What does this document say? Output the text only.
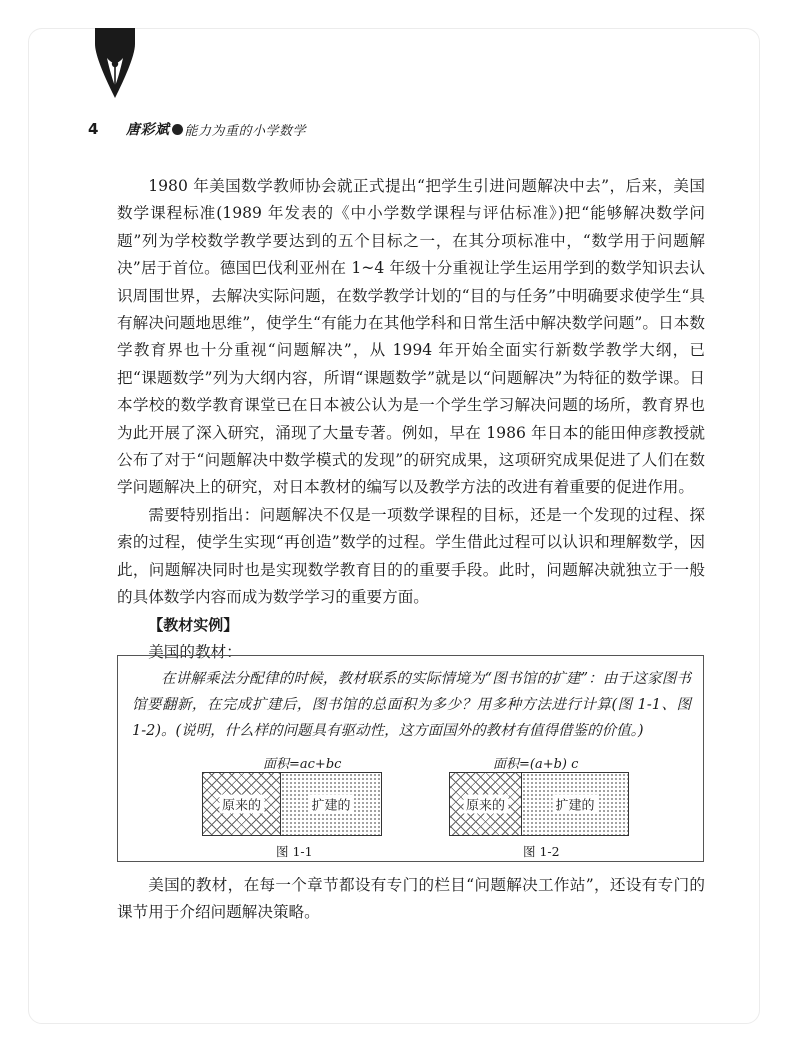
4	唐彩斌 能力为重的小学数学

1980 年美国数学教师协会就正式提出“把学生引进问题解决中去”，后来，美国数学课程标准(1989 年发表的《中小学数学课程与评估标准》)把“能够解决数学问题”列为学校数学教学要达到的五个目标之一，在其分项标准中，“数学用于问题解决”居于首位。德国巴伐利亚州在 1~4 年级十分重视让学生运用学到的数学知识去认识周围世界，去解决实际问题，在数学教学计划的“目的与任务”中明确要求使学生“具有解决问题地思维”，使学生“有能力在其他学科和日常生活中解决数学问题”。日本数学教育界也十分重视“问题解决”，从 1994 年开始全面实行新数学教学大纲，已把“课题数学”列为大纲内容，所谓“课题数学”就是以“问题解决”为特征的数学课。日本学校的数学教育课堂已在日本被公认为是一个学生学习解决问题的场所，教育界也为此开展了深入研究，涌现了大量专著。例如，早在 1986 年日本的能田伸彦教授就公布了对于“问题解决中数学模式的发现”的研究成果，这项研究成果促进了人们在数学问题解决上的研究，对日本教材的编写以及教学方法的改进有着重要的促进作用。

需要特别指出：问题解决不仅是一项数学课程的目标，还是一个发现的过程、探索的过程，使学生实现“再创造”数学的过程。学生借此过程可以认识和理解数学，因此，问题解决同时也是实现数学教育目的的重要手段。此时，问题解决就独立于一般的具体数学内容而成为数学学习的重要方面。

【教材实例】

美国的教材：

在讲解乘法分配律的时候，教材联系的实际情境为“图书馆的扩建”：由于这家图书馆要翻新，在完成扩建后，图书馆的总面积为多少？用多种方法进行计算(图 1-1、图 1-2)。(说明，什么样的问题具有驱动性，这方面国外的教材有值得借鉴的价值。)

面积=ac+bc
原来的	扩建的
图 1-1
面积=(a+b) c
原来的	扩建的
图 1-2

美国的教材，在每一个章节都设有专门的栏目“问题解决工作站”，还设有专门的课节用于介绍问题解决策略。
